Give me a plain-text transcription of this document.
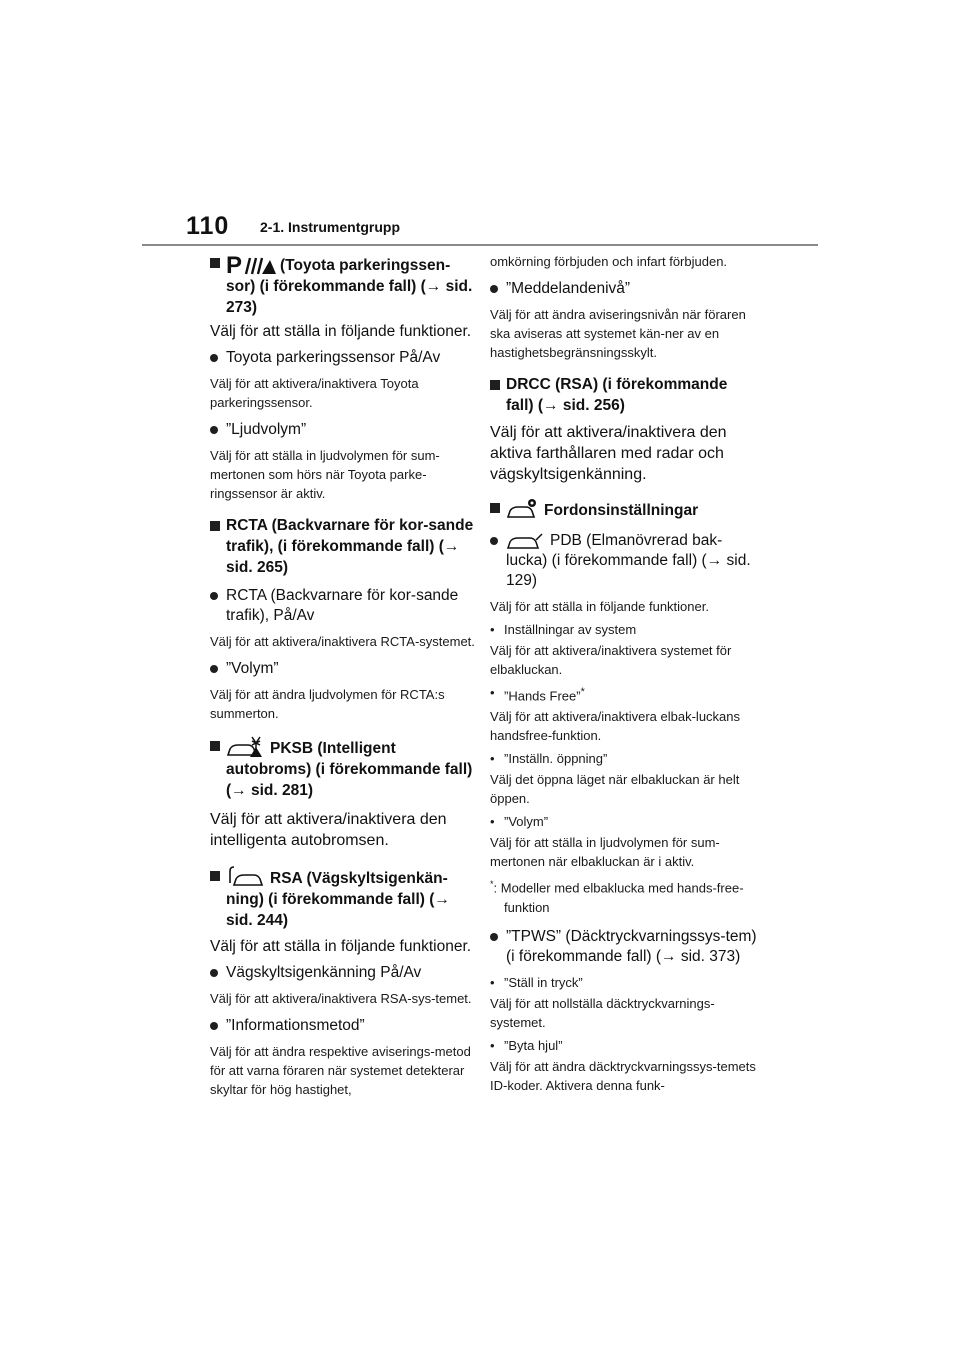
110 2-1. Instrumentgrupp
P (Toyota parkeringssen-sor) (i förekommande fall) (→ sid. 273)
Välj för att ställa in följande funktioner.
Toyota parkeringssensor På/Av
Välj för att aktivera/inaktivera Toyota parkeringssensor.
”Ljudvolym”
Välj för att ställa in ljudvolymen för sum-mertonen som hörs när Toyota parke-ringssensor är aktiv.
RCTA (Backvarnare för kor-sande trafik), (i förekommande fall) (→ sid. 265)
RCTA (Backvarnare för kor-sande trafik), På/Av
Välj för att aktivera/inaktivera RCTA-systemet.
”Volym”
Välj för att ändra ljudvolymen för RCTA:s summerton.
PKSB (Intelligent autobroms) (i förekommande fall) (→ sid. 281)
Välj för att aktivera/inaktivera den intelligenta autobromsen.
RSA (Vägskyltsigenkän-ning) (i förekommande fall) (→ sid. 244)
Välj för att ställa in följande funktioner.
Vägskyltsigenkänning På/Av
Välj för att aktivera/inaktivera RSA-sys-temet.
”Informationsmetod”
Välj för att ändra respektive aviserings-metod för att varna föraren när systemet detekterar skyltar för hög hastighet,
omkörning förbjuden och infart förbjuden.
”Meddelandenivå”
Välj för att ändra aviseringsnivån när föraren ska aviseras att systemet kän-ner av en hastighetsbegränsningsskylt.
DRCC (RSA) (i förekommande fall) (→ sid. 256)
Välj för att aktivera/inaktivera den aktiva farthållaren med radar och vägskyltsigenkänning.
Fordonsinställningar
PDB (Elmanövrerad bak-lucka) (i förekommande fall) (→ sid. 129)
Välj för att ställa in följande funktioner.
• Inställningar av system
Välj för att aktivera/inaktivera systemet för elbakluckan.
• ”Hands Free”*
Välj för att aktivera/inaktivera elbak-luckans handsfree-funktion.
• ”Inställn. öppning”
Välj det öppna läget när elbakluckan är helt öppen.
• ”Volym”
Välj för att ställa in ljudvolymen för sum-mertonen när elbakluckan är i aktiv.
*: Modeller med elbaklucka med hands-free-funktion
”TPWS” (Däcktryckvarningssys-tem) (i förekommande fall) (→ sid. 373)
• ”Ställ in tryck”
Välj för att nollställa däcktryckvarnings-systemet.
• ”Byta hjul”
Välj för att ändra däcktryckvarningssys-temets ID-koder. Aktivera denna funk-
